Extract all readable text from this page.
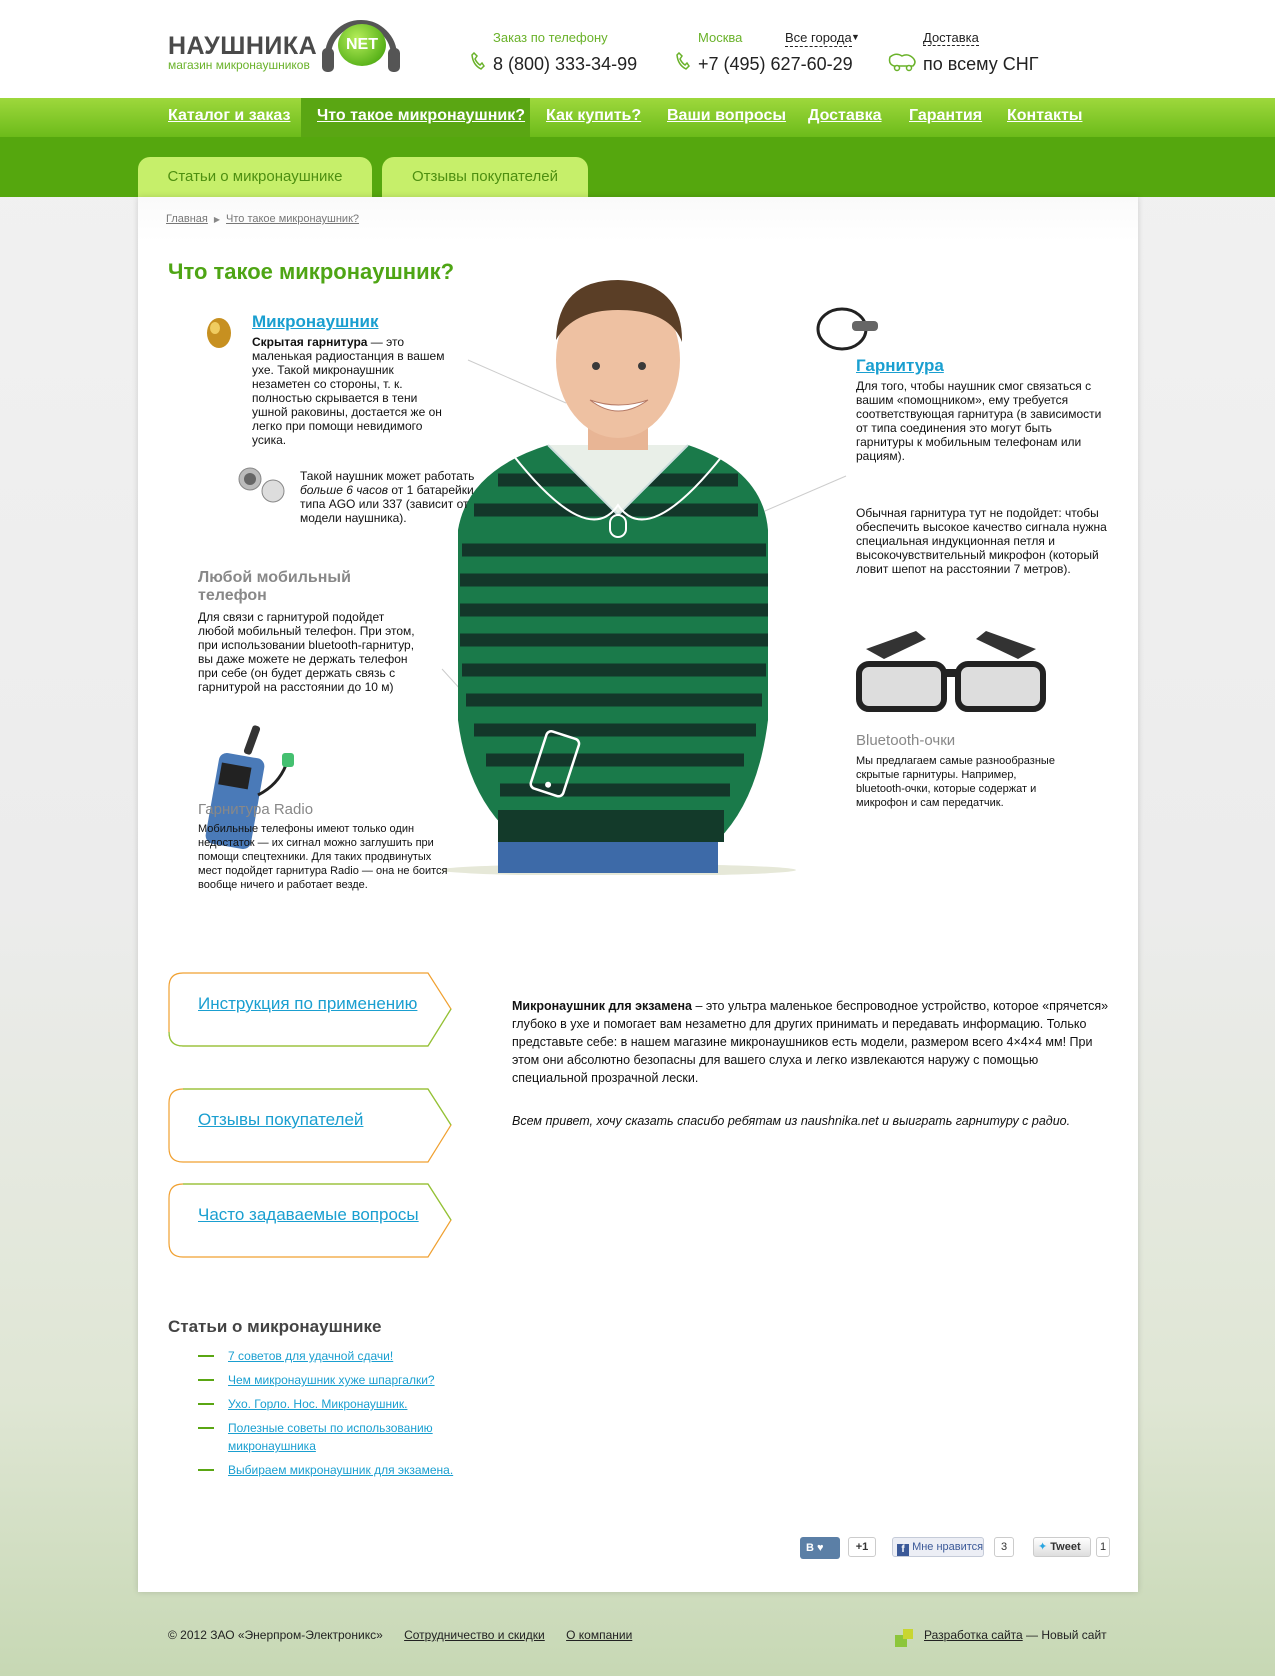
НАУШНИКА
магазин микронаушников
NET	Заказ по телефону
8 (800) 333-34-99
Москва
+7 (495) 627-60-29
Все города ▼	Доставка
по всему СНГ
Каталог и заказ Что такое микронаушник? Как купить? Ваши вопросы Доставка Гарантия Контакты
Статьи о микронаушнике	Отзывы покупателей
Главная ▶ Что такое микронаушник?
Что такое микронаушник?
Микронаушник
Скрытая гарнитура — это маленькая радиостанция в вашем ухе. Такой микронаушник незаметен со стороны, т. к. полностью скрывается в тени ушной раковины, достается же он легко при помощи невидимого усика.
Такой наушник может работать больше 6 часов от 1 батарейки типа AGO или 337 (зависит от модели наушника).
Любой мобильный телефон
Для связи с гарнитурой подойдет любой мобильный телефон. При этом, при использовании bluetooth-гарнитур, вы даже можете не держать телефон при себе (он будет держать связь с гарнитурой на расстоянии до 10 м)
Гарнитура Radio
Мобильные телефоны имеют только один недостаток — их сигнал можно заглушить при помощи спецтехники. Для таких продвинутых мест подойдет гарнитура Radio — она не боится вообще ничего и работает везде.
Гарнитура
Для того, чтобы наушник смог связаться с вашим «помощником», ему требуется соответствующая гарнитура (в зависимости от типа соединения это могут быть гарнитуры к мобильным телефонам или рациям).
Обычная гарнитура тут не подойдет: чтобы обеспечить высокое качество сигнала нужна специальная индукционная петля и высокочувствительный микрофон (который ловит шепот на расстоянии 7 метров).
Bluetooth-очки
Мы предлагаем самые разнообразные скрытые гарнитуры. Например, bluetooth-очки, которые содержат и микрофон и сам передатчик.
Инструкция по применению
Отзывы покупателей
Часто задаваемые вопросы
Микронаушник для экзамена – это ультра маленькое беспроводное устройство, которое «прячется» глубоко в ухе и помогает вам незаметно для других принимать и передавать информацию. Только представьте себе: в нашем магазине микронаушников есть модели, размером всего 4×4×4 мм! При этом они абсолютно безопасны для вашего слуха и легко извлекаются наружу с помощью специальной прозрачной лески.
Всем привет, хочу сказать спасибо ребятам из naushnika.net и выиграть гарнитуру с радио.
Статьи о микронаушнике
7 советов для удачной сдачи!
Чем микронаушник хуже шпаргалки?
Ухо. Горло. Нос. Микронаушник.
Полезные советы по использованию микронаушника
Выбираем микронаушник для экзамена.
B ♥	+1	f Мне нравится	3	✦ Tweet	1
© 2012 ЗАО «Энерпром-Электроникс» Сотрудничество и скидки О компании	Разработка сайта — Новый сайт
